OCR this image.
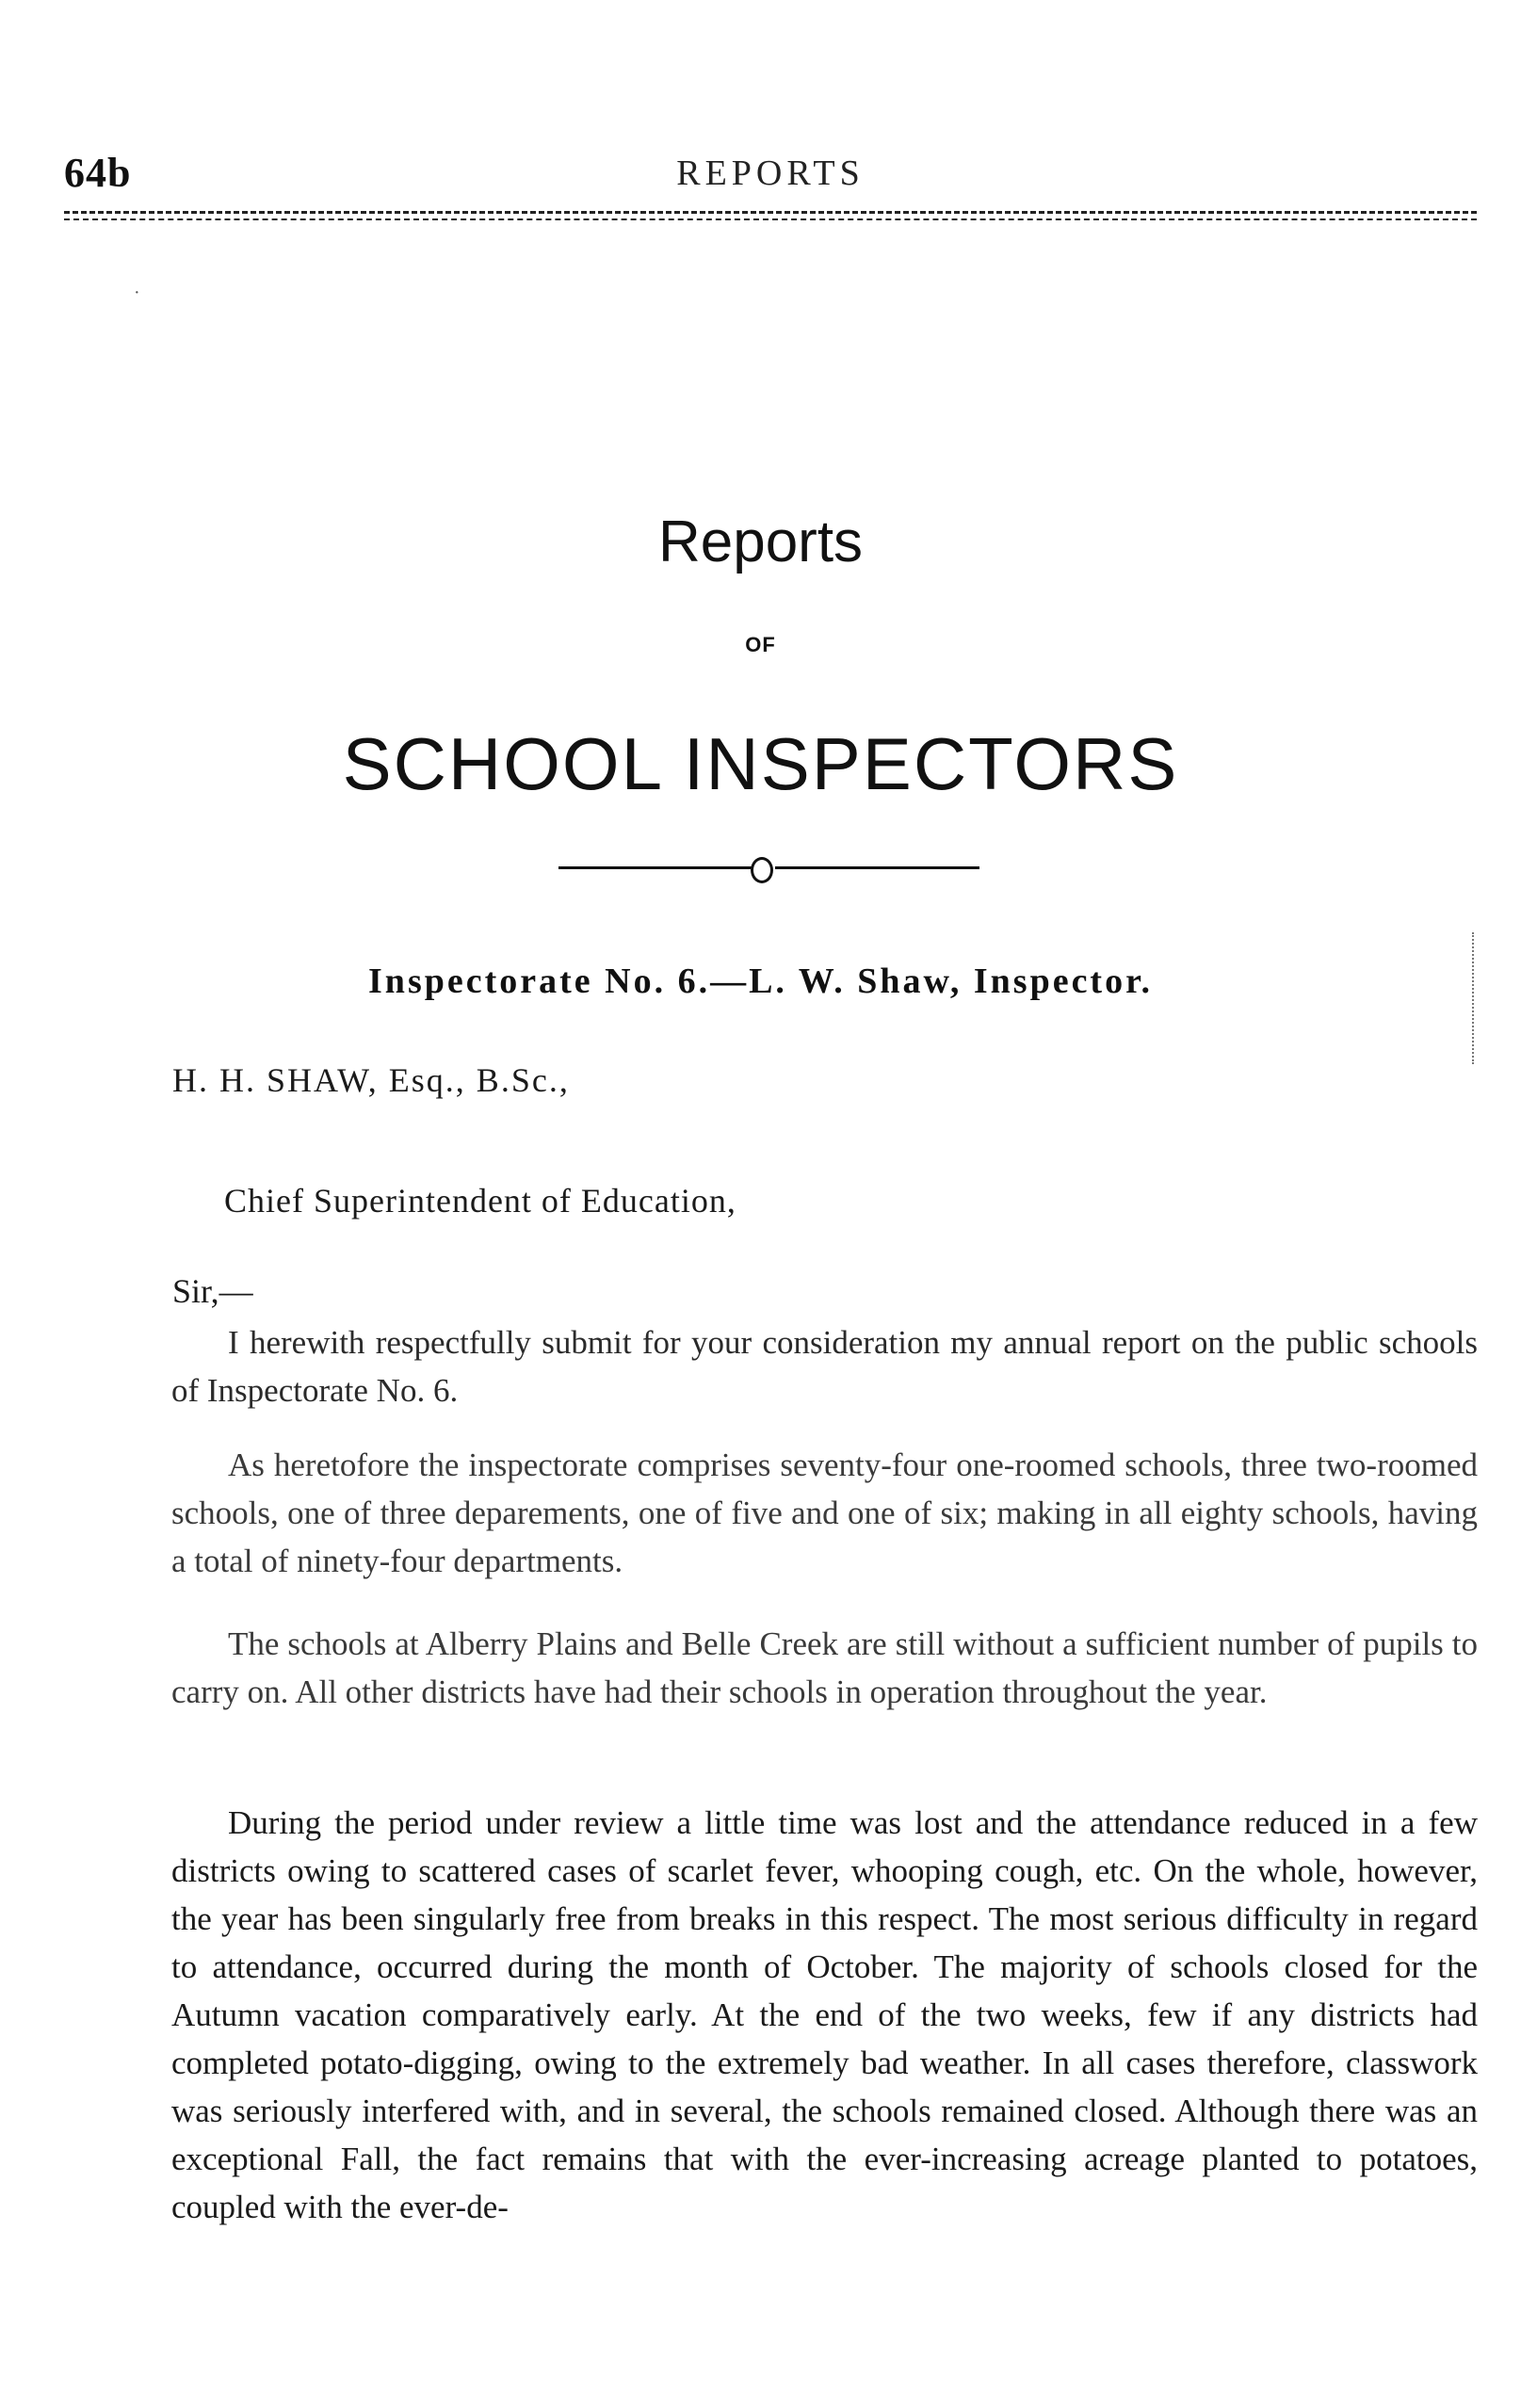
64b	REPORTS
·
Reports
OF
SCHOOL INSPECTORS
Inspectorate No. 6.—L. W. Shaw, Inspector.
H. H. SHAW, Esq., B.Sc.,
Chief Superintendent of Education,
Sir,—

I herewith respectfully submit for your consideration my annual report on the public schools of Inspectorate No. 6.

As heretofore the inspectorate comprises seventy-four one-roomed schools, three two-roomed schools, one of three deparements, one of five and one of six; making in all eighty schools, having a total of ninety-four departments.

The schools at Alberry Plains and Belle Creek are still without a sufficient number of pupils to carry on. All other districts have had their schools in operation throughout the year.

During the period under review a little time was lost and the attendance reduced in a few districts owing to scattered cases of scarlet fever, whooping cough, etc. On the whole, however, the year has been singularly free from breaks in this respect. The most serious difficulty in regard to attendance, occurred during the month of October. The majority of schools closed for the Autumn vacation comparatively early. At the end of the two weeks, few if any districts had completed potato-digging, owing to the extremely bad weather. In all cases therefore, classwork was seriously interfered with, and in several, the schools remained closed. Although there was an exceptional Fall, the fact remains that with the ever-increasing acreage planted to potatoes, coupled with the ever-de-
